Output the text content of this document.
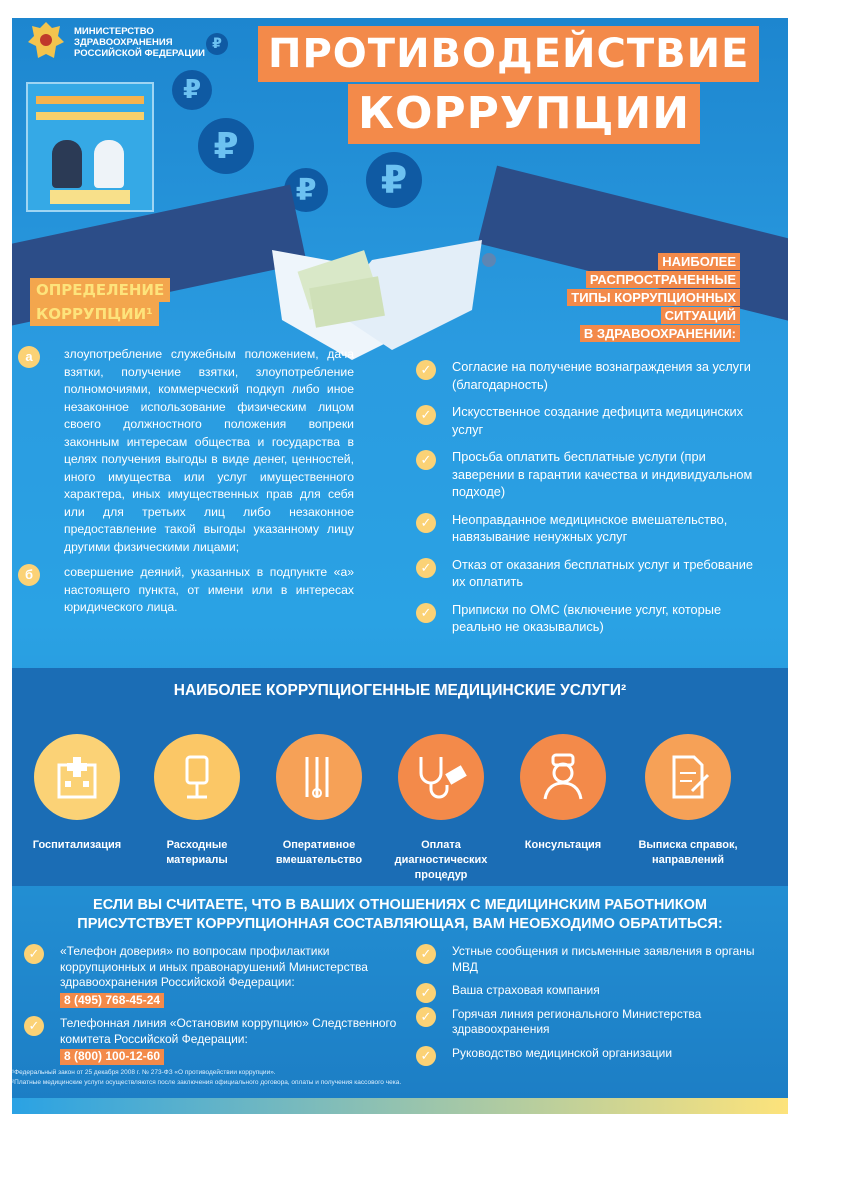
МИНИСТЕРСТВО
ЗДРАВООХРАНЕНИЯ
РОССИЙСКОЙ ФЕДЕРАЦИИ ПРОТИВОДЕЙСТВИЕ
КОРРУПЦИИ
₽
₽
₽	₽
₽
ОПРЕДЕЛЕНИЕ
КОРРУПЦИИ¹
а	злоупотребление служебным положением, дача взятки, получение взятки, злоупотребление полномочиями, коммерческий подкуп либо иное незаконное использование физическим лицом своего должностного положения вопреки законным интересам общества и государства в целях получения выгоды в виде денег, ценностей, иного имущества или услуг имущественного характера, иных имущественных прав для себя или для третьих лиц либо незаконное предоставление такой выгоды указанному лицу другими физическими лицами;
б	совершение деяний, указанных в подпункте «а» настоящего пункта, от имени или в интересах юридического лица.
НАИБОЛЕЕ
РАСПРОСТРАНЕННЫЕ
ТИПЫ КОРРУПЦИОННЫХ
СИТУАЦИЙ
В ЗДРАВООХРАНЕНИИ:
✓	Согласие на получение вознаграждения за услуги (благодарность)
✓	Искусственное создание дефицита медицинских услуг
✓	Просьба оплатить бесплатные услуги (при заверении в гарантии качества и индивидуальном подходе)
✓	Неоправданное медицинское вмешательство, навязывание ненужных услуг
✓	Отказ от оказания бесплатных услуг и требование их оплатить
✓	Приписки по ОМС (включение услуг, которые реально не оказывались)
НАИБОЛЕЕ КОРРУПЦИОГЕННЫЕ МЕДИЦИНСКИЕ УСЛУГИ²
Госпитализация	Расходные материалы
Оперативное вмешательство
Оплата диагностических процедур
Консультация	Выписка справок, направлений
ЕСЛИ ВЫ СЧИТАЕТЕ, ЧТО В ВАШИХ ОТНОШЕНИЯХ С МЕДИЦИНСКИМ РАБОТНИКОМ
ПРИСУТСТВУЕТ КОРРУПЦИОННАЯ СОСТАВЛЯЮЩАЯ, ВАМ НЕОБХОДИМО ОБРАТИТЬСЯ:
✓	«Телефон доверия» по вопросам профилактики коррупционных и иных правонарушений Министерства здравоохранения Российской Федерации:
8 (495) 768-45-24
✓	Телефонная линия «Остановим коррупцию» Следственного комитета Российской Федерации:
8 (800) 100-12-60
✓	Устные сообщения и письменные заявления в органы МВД
✓	Ваша страховая компания
✓	Горячая линия регионального Министерства здравоохранения
✓	Руководство медицинской организации
¹Федеральный закон от 25 декабря 2008 г. № 273-ФЗ «О противодействии коррупции».
²Платные медицинские услуги осуществляются после заключения официального договора, оплаты и получения кассового чека.
